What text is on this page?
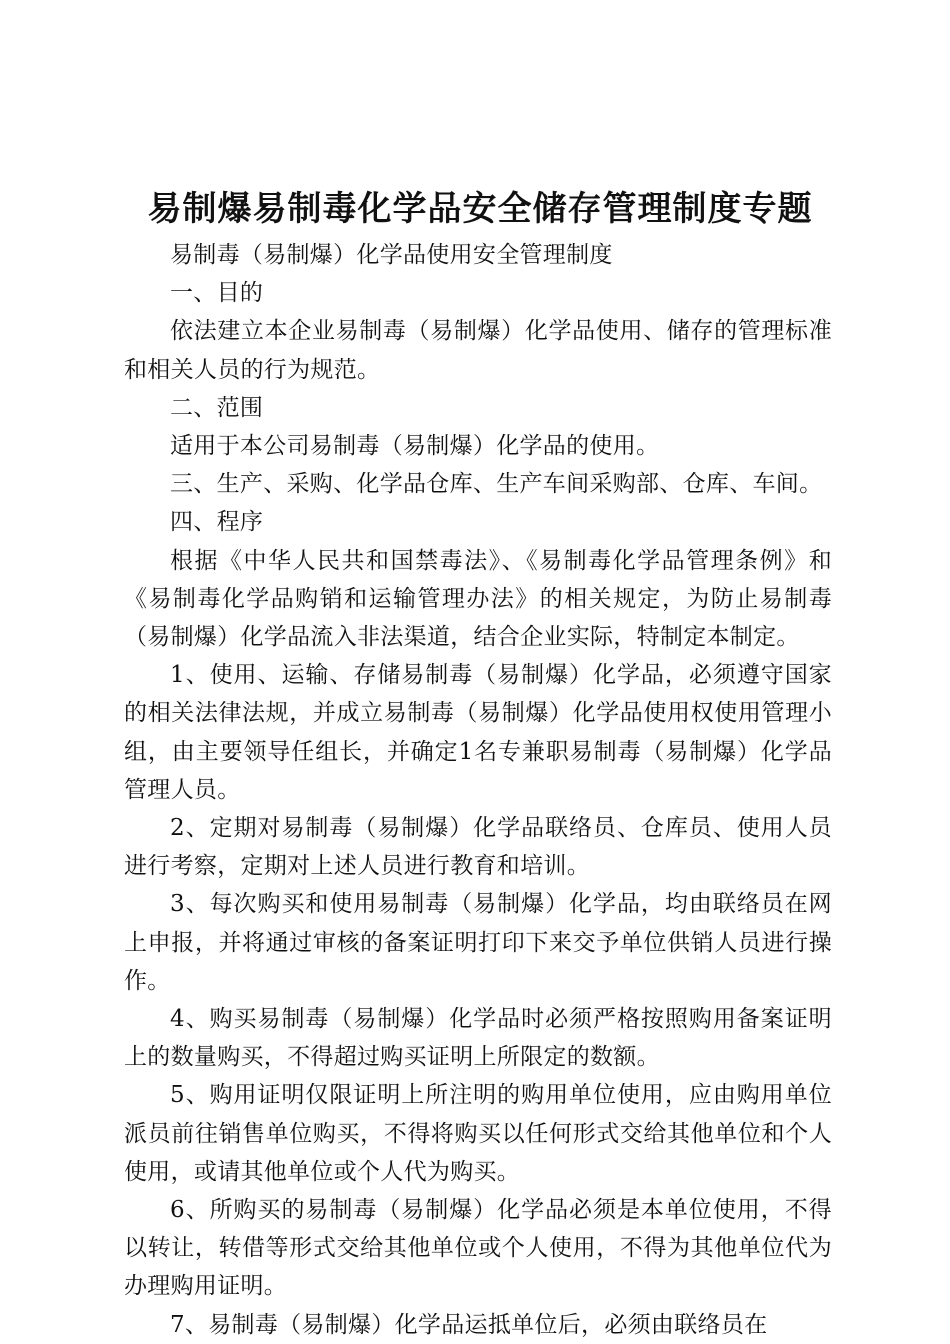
易制爆易制毒化学品安全储存管理制度专题

易制毒（易制爆）化学品使用安全管理制度

一、目的

依法建立本企业易制毒（易制爆）化学品使用、储存的管理标准和相关人员的行为规范。

二、范围

适用于本公司易制毒（易制爆）化学品的使用。

三、生产、采购、化学品仓库、生产车间采购部、仓库、车间。

四、程序

根据《中华人民共和国禁毒法》、《易制毒化学品管理条例》和《易制毒化学品购销和运输管理办法》的相关规定，为防止易制毒（易制爆）化学品流入非法渠道，结合企业实际，特制定本制定。

1、使用、运输、存储易制毒（易制爆）化学品，必须遵守国家的相关法律法规，并成立易制毒（易制爆）化学品使用权使用管理小组，由主要领导任组长，并确定1名专兼职易制毒（易制爆）化学品管理人员。

2、定期对易制毒（易制爆）化学品联络员、仓库员、使用人员进行考察，定期对上述人员进行教育和培训。

3、每次购买和使用易制毒（易制爆）化学品，均由联络员在网上申报，并将通过审核的备案证明打印下来交予单位供销人员进行操作。

4、购买易制毒（易制爆）化学品时必须严格按照购用备案证明上的数量购买，不得超过购买证明上所限定的数额。

5、购用证明仅限证明上所注明的购用单位使用，应由购用单位派员前往销售单位购买，不得将购买以任何形式交给其他单位和个人使用，或请其他单位或个人代为购买。

6、所购买的易制毒（易制爆）化学品必须是本单位使用，不得以转让，转借等形式交给其他单位或个人使用，不得为其他单位代为办理购用证明。

7、易制毒（易制爆）化学品运抵单位后，必须由联络员在
